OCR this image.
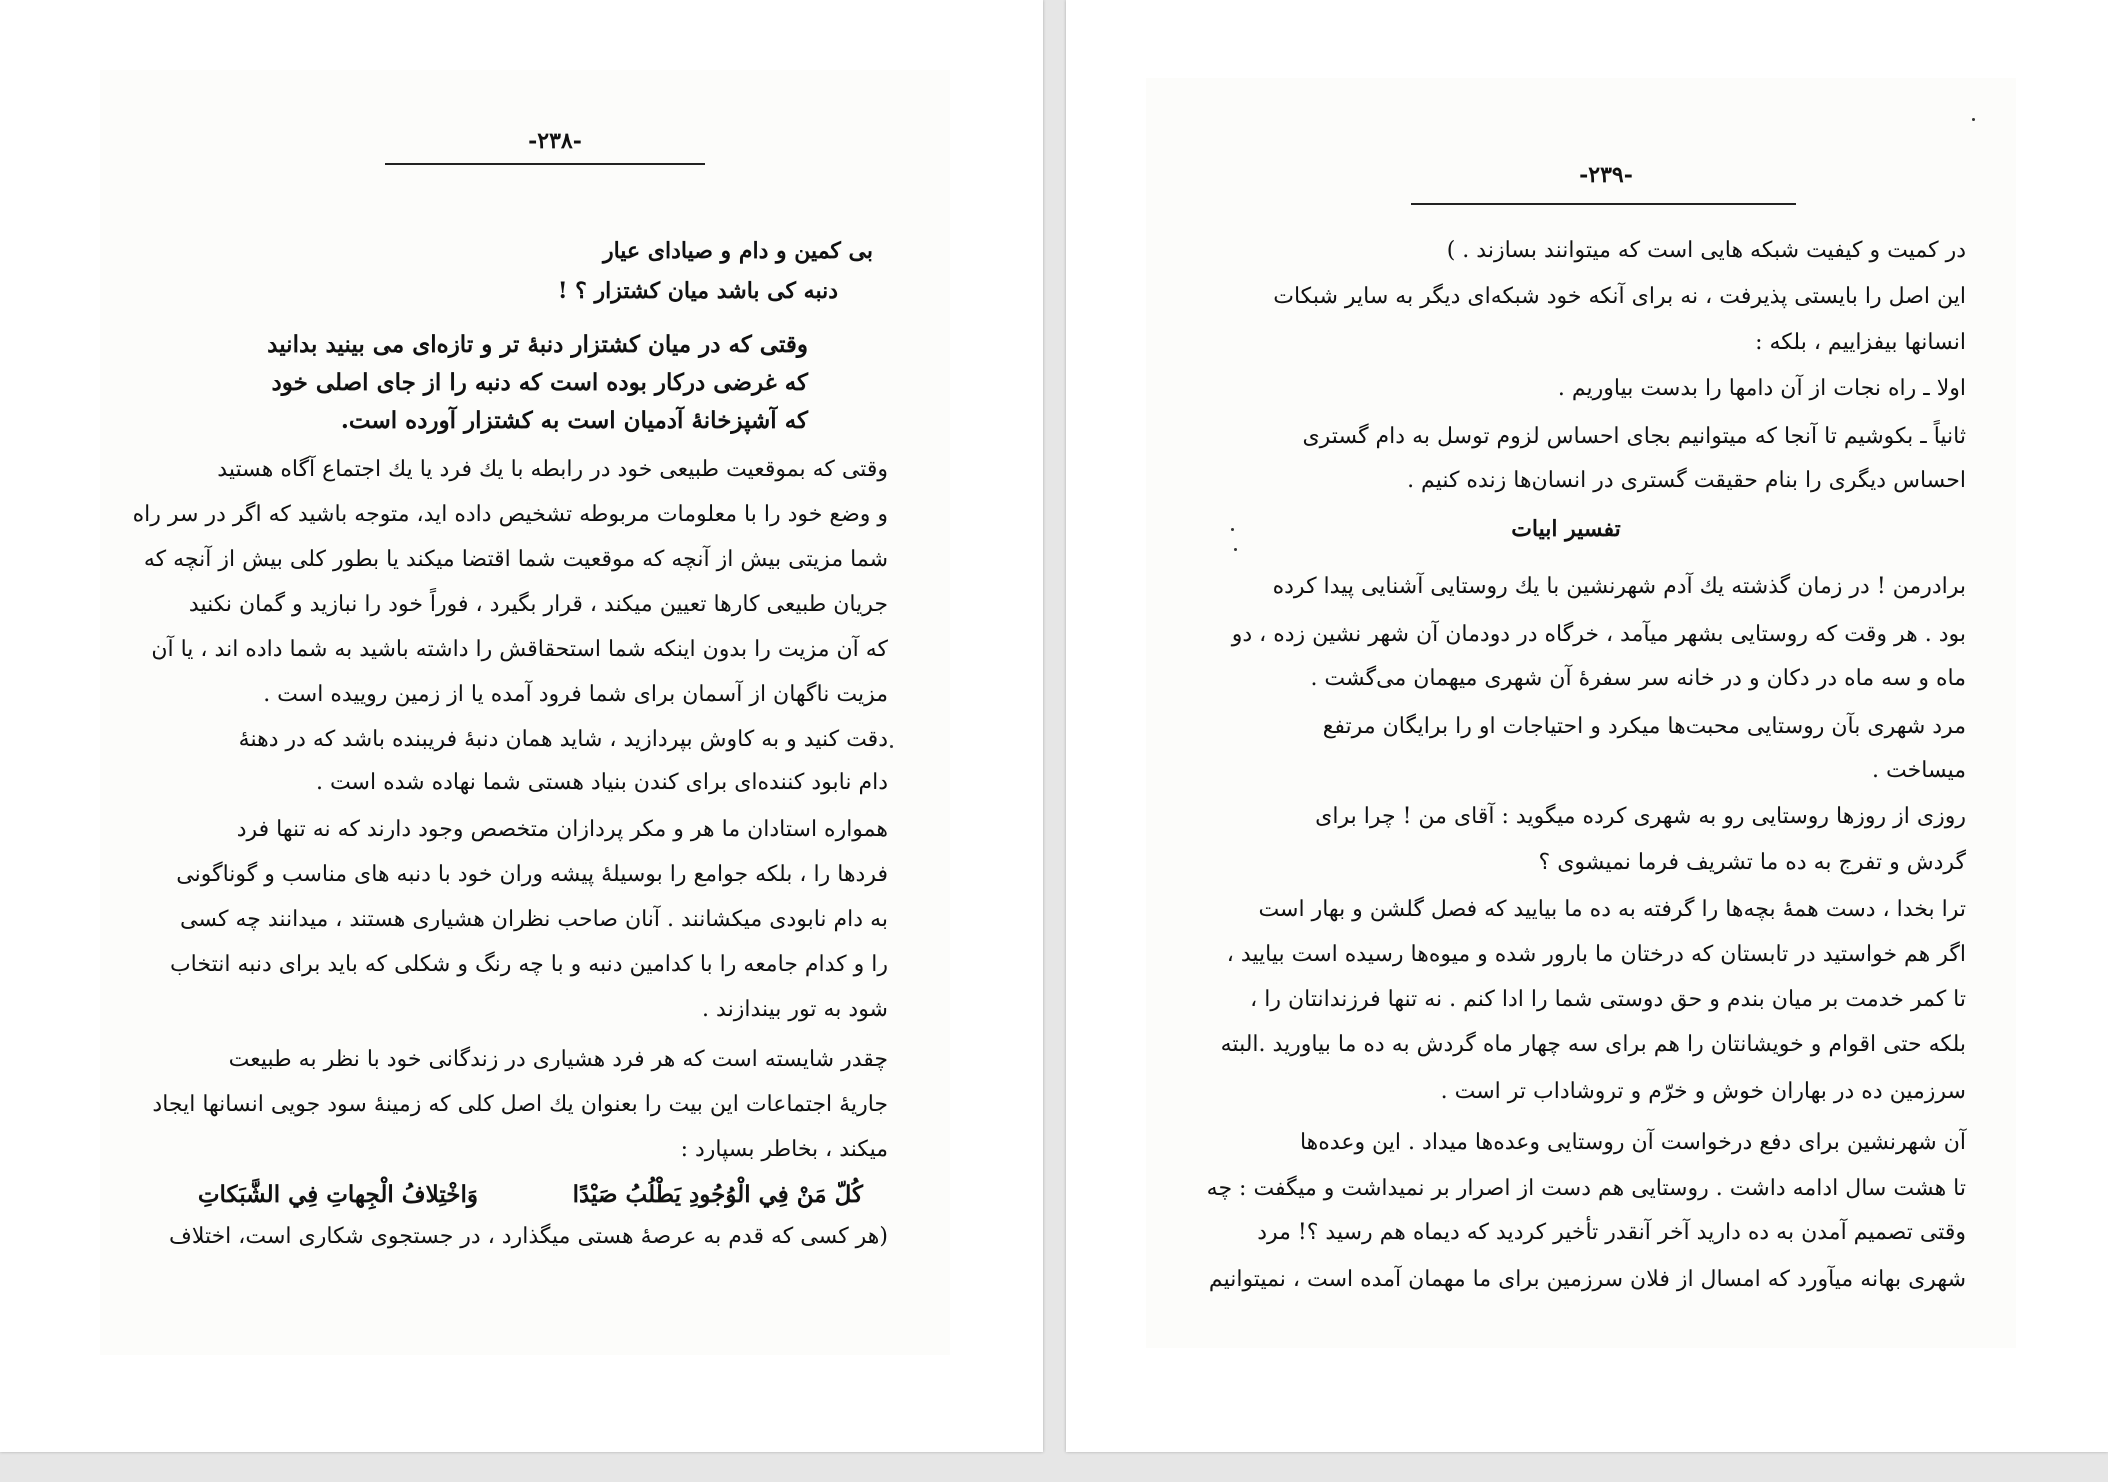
-۲۳۸-
بی کمین و دام و صیادای عیار
دنبه کی باشد میان کشتزار ؟ !
وقتی که در میان کشتزار دنبهٔ تر و تازه‌ای می بینید بدانید
که غرضی درکار بوده است که دنبه را از جای اصلی خود
که آشپزخانهٔ آدمیان است به کشتزار آورده است.
وقتی که بموقعیت طبیعی خود در رابطه با یك فرد یا یك اجتماع آگاه هستید
و وضع خود را با معلومات مربوطه تشخیص داده اید، متوجه باشید که اگر در سر راه
شما مزیتی بیش از آنچه که موقعیت شما اقتضا میکند یا بطور کلی بیش از آنچه که
جریان طبیعی کارها تعیین میکند ، قرار بگیرد ، فوراً خود را نبازید و گمان نکنید
که آن مزیت را بدون اینکه شما استحقاقش را داشته باشید به شما داده اند ، یا آن
مزیت ناگهان از آسمان برای شما فرود آمده یا از زمین روییده است .
دقت کنید و به کاوش بپردازید ، شاید همان دنبهٔ فریبنده باشد که در دهنهٔ
دام نابود کننده‌ای برای کندن بنیاد هستی شما نهاده شده است .
همواره استادان ما هر و مکر پردازان متخصص وجود دارند که نه تنها فرد
فرد‌ها را ، بلکه جوامع را بوسیلهٔ پیشه وران خود با دنبه های مناسب و گوناگونی
به دام نابودی میکشانند . آنان صاحب نظران هشیاری هستند ، میدانند چه کسی
را و کدام جامعه را با کدامین دنبه و با چه رنگ و شکلی که باید برای دنبه انتخاب
شود به تور بیندازند .
چقدر شایسته است که هر فرد هشیاری در زندگانی خود با نظر به طبیعت
جاریهٔ اجتماعات این بیت را بعنوان یك اصل کلی که زمینهٔ سود جویی انسانها ایجاد
میکند ، بخاطر بسپارد :
كُلّ مَنْ فِي الْوُجُودِ يَطْلُبُ صَيْدًا
وَاخْتِلافُ الْجِهاتِ فِي الشَّبَكاتِ
(هر کسی که قدم به عرصهٔ هستی میگذارد ، در جستجوی شکاری است، اختلاف
-۲۳۹-
در کمیت و کیفیت شبکه هایی است که میتوانند بسازند . )
این اصل را بایستی پذیرفت ، نه برای آنکه خود شبکه‌ای دیگر به سایر شبکات
انسانها بیفزاییم ، بلکه :
اولا ـ راه نجات از آن دامها را بدست بیاوریم .
ثانیاً ـ بکوشیم تا آنجا که میتوانیم بجای احساس لزوم توسل به دام گستری
احساس دیگری را بنام حقیقت گستری در انسان‌ها زنده کنیم .
تفسیر ابیات
برادرمن ! در زمان گذشته یك آدم شهرنشین با یك روستایی آشنایی پیدا کرده
بود . هر وقت که روستایی بشهر میآمد ، خرگاه در دودمان آن شهر نشین زده ، دو
ماه و سه ماه در دکان و در خانه سر سفرهٔ آن شهری میهمان می‌گشت .
مرد شهری بآن روستایی محبت‌ها میکرد و احتیاجات او را برایگان مرتفع
میساخت .
روزی از روزها روستایی رو به شهری کرده میگوید : آقای من ! چرا برای
گردش و تفرج به ده ما تشریف فرما نمیشوی ؟
ترا بخدا ، دست همهٔ بچه‌ها را گرفته به ده ما بیایید که فصل گلشن و بهار است
اگر هم خواستید در تابستان که درختان ما بارور شده و میوه‌ها رسیده است بیایید ،
تا کمر خدمت بر میان بندم و حق دوستی شما را ادا کنم . نه تنها فرزندانتان را ،
بلکه حتی اقوام و خویشانتان را هم برای سه چهار ماه گردش به ده ما بیاورید .البته
سرزمین ده در بهاران خوش و خرّم و تروشاداب تر است .
آن شهرنشین برای دفع درخواست آن روستایی وعده‌ها میداد . این وعده‌ها
تا هشت سال ادامه داشت . روستایی هم دست از اصرار بر نمیداشت و میگفت : چه
وقتی تصمیم آمدن به ده دارید آخر آنقدر تأخیر کردید که دیماه هم رسید ؟! مرد
شهری بهانه میآورد که امسال از فلان سرزمین برای ما مهمان آمده است ، نمیتوانیم
